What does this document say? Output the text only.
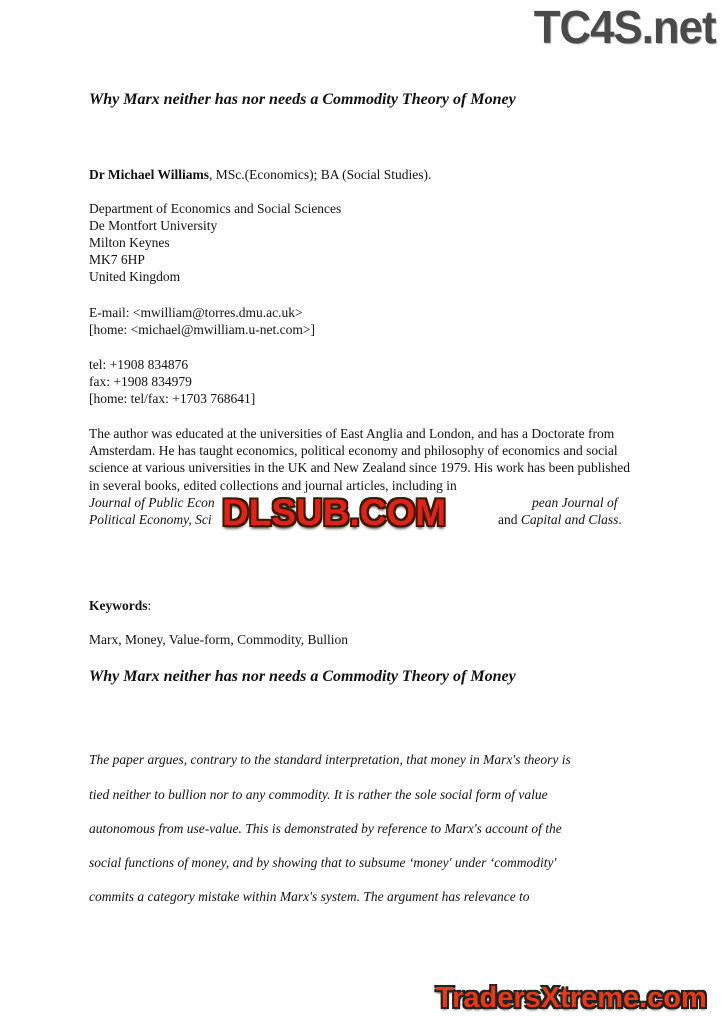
TC4S.net
Why Marx neither has nor needs a Commodity Theory of Money
Dr Michael Williams, MSc.(Economics); BA (Social Studies).
Department of Economics and Social Sciences
De Montfort University
Milton Keynes
MK7 6HP
United Kingdom
E-mail: <mwilliam@torres.dmu.ac.uk>
[home: <michael@mwilliam.u-net.com>]
tel: +1908 834876
fax: +1908 834979
[home: tel/fax: +1703 768641]
The author was educated at the universities of East Anglia and London, and has a Doctorate from Amsterdam. He has taught economics, political economy and philosophy of economics and social science at various universities in the UK and New Zealand since 1979. His work has been published in several books, edited collections and journal articles, including in
Journal of Public Econ	pean Journal of
Political Economy, Sci	and Capital and Class.
DLSUB.COM
Keywords:
Marx, Money, Value-form, Commodity, Bullion
Why Marx neither has nor needs a Commodity Theory of Money
The paper argues, contrary to the standard interpretation, that money in Marx's theory is
tied neither to bullion nor to any commodity. It is rather the sole social form of value
autonomous from use-value. This is demonstrated by reference to Marx's account of the
social functions of money, and by showing that to subsume ‘money' under ‘commodity'
commits a category mistake within Marx's system. The argument has relevance to
TradersXtreme.com
